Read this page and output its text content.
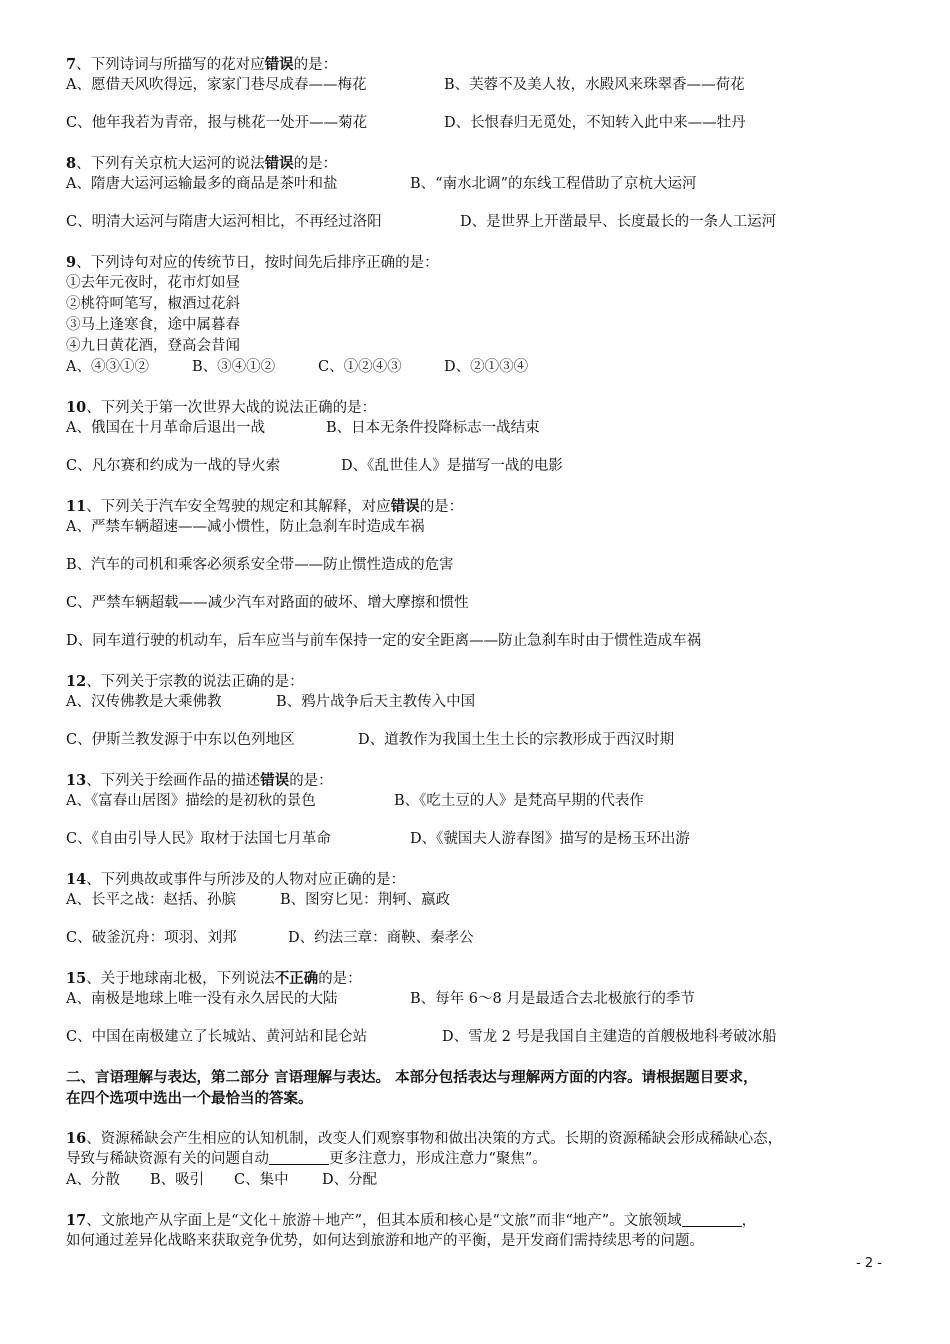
7、下列诗词与所描写的花对应错误的是：
A、愿借天风吹得远，家家门巷尽成春——梅花	B、芙蓉不及美人妆，水殿风来珠翠香——荷花
C、他年我若为青帝，报与桃花一处开——菊花	D、长恨春归无觅处，不知转入此中来——牡丹
8、下列有关京杭大运河的说法错误的是：
A、隋唐大运河运输最多的商品是茶叶和盐	B、“南水北调”的东线工程借助了京杭大运河
C、明清大运河与隋唐大运河相比，不再经过洛阳	D、是世界上开凿最早、长度最长的一条人工运河
9、下列诗句对应的传统节日，按时间先后排序正确的是：
①去年元夜时，花市灯如昼
②桃符呵笔写，椒酒过花斜
③马上逢寒食，途中属暮春
④九日黄花酒，登高会昔闻
A、④③①②	B、③④①②	C、①②④③	D、②①③④
10、下列关于第一次世界大战的说法正确的是：
A、俄国在十月革命后退出一战	B、日本无条件投降标志一战结束
C、凡尔赛和约成为一战的导火索	D、《乱世佳人》是描写一战的电影
11、下列关于汽车安全驾驶的规定和其解释，对应错误的是：
A、严禁车辆超速——减小惯性，防止急刹车时造成车祸
B、汽车的司机和乘客必须系安全带——防止惯性造成的危害
C、严禁车辆超载——减少汽车对路面的破坏、增大摩擦和惯性
D、同车道行驶的机动车，后车应当与前车保持一定的安全距离——防止急刹车时由于惯性造成车祸
12、下列关于宗教的说法正确的是：
A、汉传佛教是大乘佛教	B、鸦片战争后天主教传入中国
C、伊斯兰教发源于中东以色列地区	D、道教作为我国土生土长的宗教形成于西汉时期
13、下列关于绘画作品的描述错误的是：
A、《富春山居图》描绘的是初秋的景色	B、《吃土豆的人》是梵高早期的代表作
C、《自由引导人民》取材于法国七月革命	D、《虢国夫人游春图》描写的是杨玉环出游
14、下列典故或事件与所涉及的人物对应正确的是：
A、长平之战：赵括、孙膑	B、图穷匕见：荆轲、嬴政
C、破釜沉舟：项羽、刘邦	D、约法三章：商鞅、秦孝公
15、关于地球南北极，下列说法不正确的是：
A、南极是地球上唯一没有永久居民的大陆	B、每年 6～8 月是最适合去北极旅行的季节
C、中国在南极建立了长城站、黄河站和昆仑站	D、雪龙 2 号是我国自主建造的首艘极地科考破冰船
二、言语理解与表达，第二部分 言语理解与表达。 本部分包括表达与理解两方面的内容。请根据题目要求，
在四个选项中选出一个最恰当的答案。
16、资源稀缺会产生相应的认知机制，改变人们观察事物和做出决策的方式。长期的资源稀缺会形成稀缺心态，
导致与稀缺资源有关的问题自动	更多注意力，形成注意力“聚焦”。
A、分散 B、吸引 C、集中 D、分配
17、文旅地产从字面上是“文化＋旅游＋地产”，但其本质和核心是“文旅”而非“地产”。文旅领域	，
如何通过差异化战略来获取竞争优势，如何达到旅游和地产的平衡，是开发商们需持续思考的问题。
- 2 -
